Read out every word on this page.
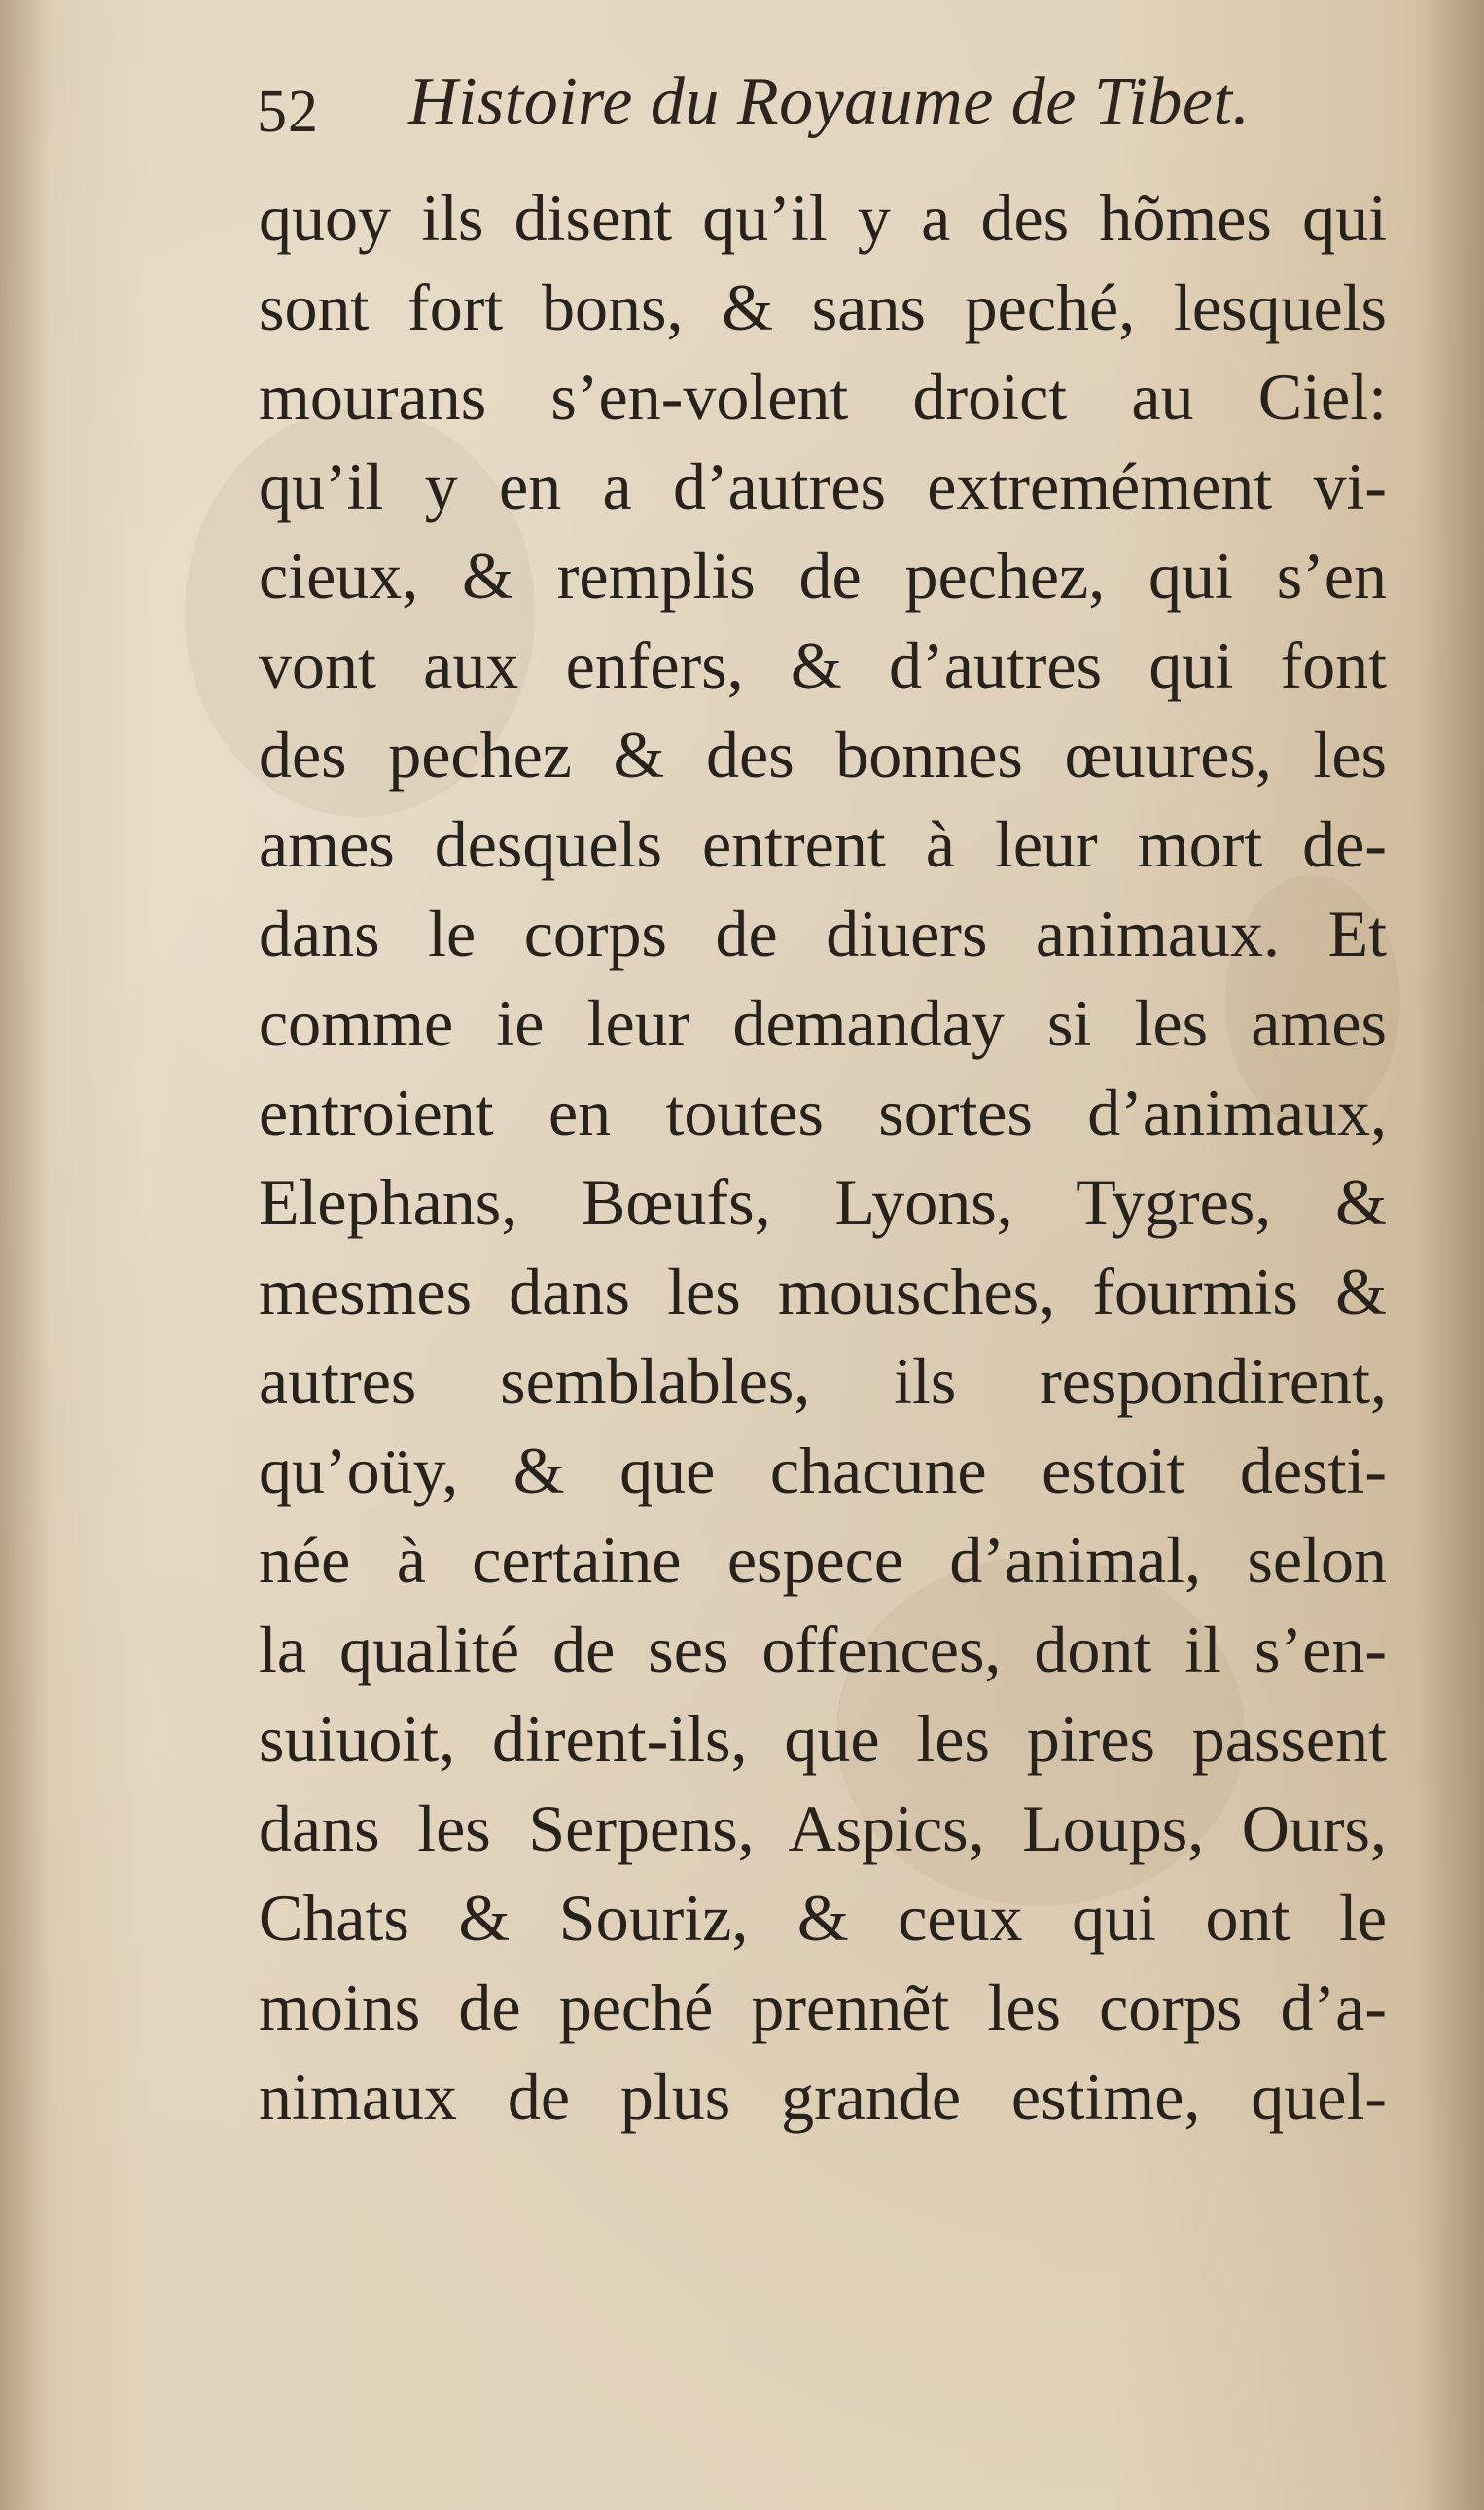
52 Histoire du Royaume de Tibet.
quoy ils disent qu’il y a des hõmes qui
sont fort bons, & sans peché, lesquels
mourans s’en-volent droict au Ciel:
qu’il y en a d’autres extremément vi-
cieux, & remplis de pechez, qui s’en
vont aux enfers, & d’autres qui font
des pechez & des bonnes œuures, les
ames desquels entrent à leur mort de-
dans le corps de diuers animaux. Et
comme ie leur demanday si les ames
entroient en toutes sortes d’animaux,
Elephans, Bœufs, Lyons, Tygres, &
mesmes dans les mousches, fourmis &
autres semblables, ils respondirent,
qu’oüy, & que chacune estoit desti-
née à certaine espece d’animal, selon
la qualité de ses offences, dont il s’en-
suiuoit, dirent-ils, que les pires passent
dans les Serpens, Aspics, Loups, Ours,
Chats & Souriz, & ceux qui ont le
moins de peché prennẽt les corps d’a-
nimaux de plus grande estime, quel-
